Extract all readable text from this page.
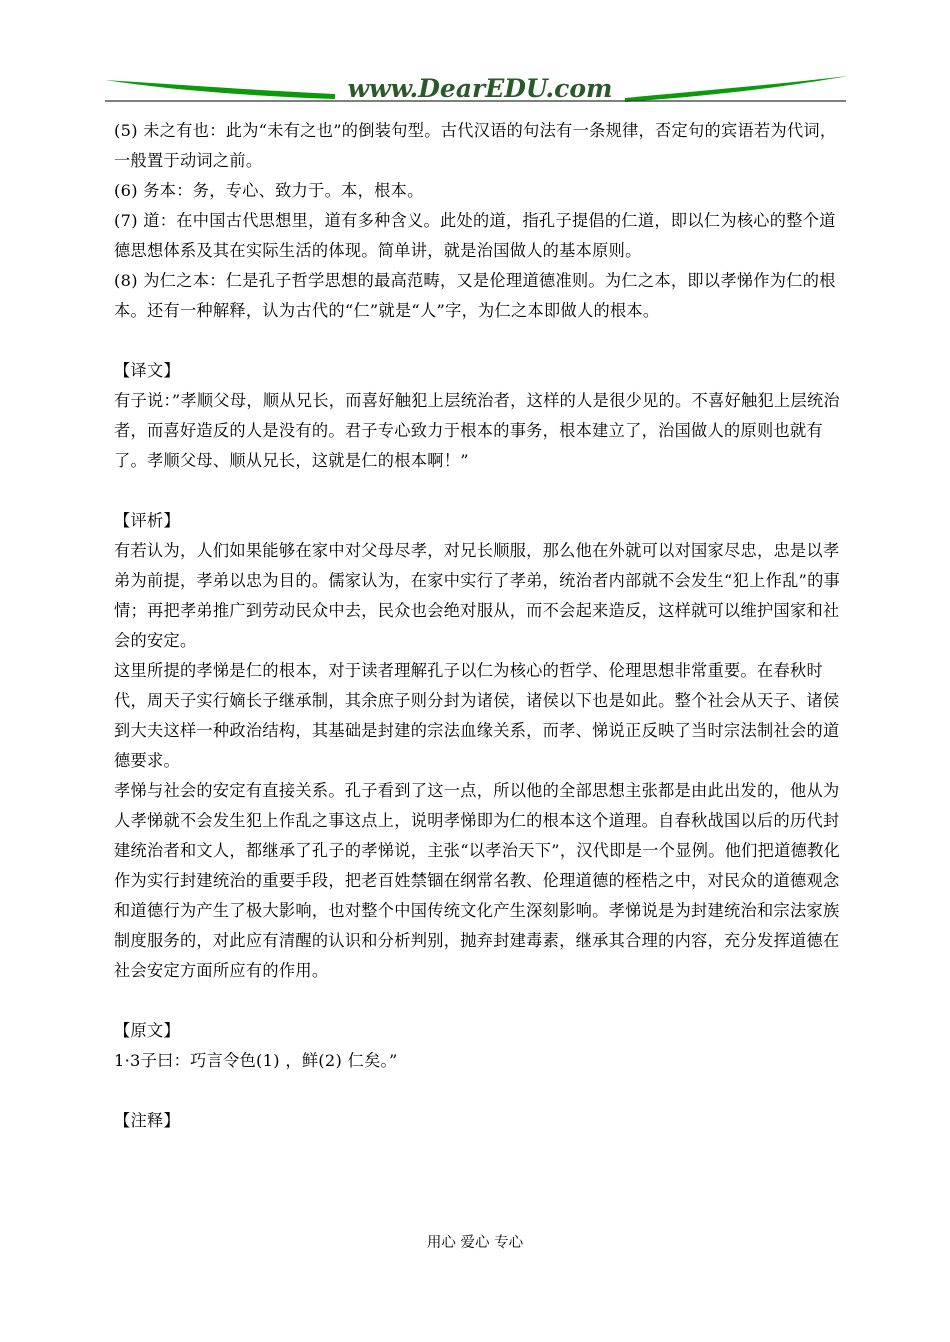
www.DearEDU.com

(5) 未之有也：此为“未有之也”的倒装句型。古代汉语的句法有一条规律，否定句的宾语若为代词，一般置于动词之前。

(6) 务本：务，专心、致力于。本，根本。

(7) 道：在中国古代思想里，道有多种含义。此处的道，指孔子提倡的仁道，即以仁为核心的整个道德思想体系及其在实际生活的体现。简单讲，就是治国做人的基本原则。

(8) 为仁之本：仁是孔子哲学思想的最高范畴，又是伦理道德准则。为仁之本，即以孝悌作为仁的根本。还有一种解释，认为古代的“仁”就是“人”字，为仁之本即做人的根本。

【译文】

有子说：”孝顺父母，顺从兄长，而喜好触犯上层统治者，这样的人是很少见的。不喜好触犯上层统治者，而喜好造反的人是没有的。君子专心致力于根本的事务，根本建立了，治国做人的原则也就有了。孝顺父母、顺从兄长，这就是仁的根本啊！”

【评析】

有若认为，人们如果能够在家中对父母尽孝，对兄长顺服，那么他在外就可以对国家尽忠，忠是以孝弟为前提，孝弟以忠为目的。儒家认为，在家中实行了孝弟，统治者内部就不会发生“犯上作乱”的事情；再把孝弟推广到劳动民众中去，民众也会绝对服从，而不会起来造反，这样就可以维护国家和社会的安定。

这里所提的孝悌是仁的根本，对于读者理解孔子以仁为核心的哲学、伦理思想非常重要。在春秋时代，周天子实行嫡长子继承制，其余庶子则分封为诸侯，诸侯以下也是如此。整个社会从天子、诸侯到大夫这样一种政治结构，其基础是封建的宗法血缘关系，而孝、悌说正反映了当时宗法制社会的道德要求。

孝悌与社会的安定有直接关系。孔子看到了这一点，所以他的全部思想主张都是由此出发的，他从为人孝悌就不会发生犯上作乱之事这点上，说明孝悌即为仁的根本这个道理。自春秋战国以后的历代封建统治者和文人，都继承了孔子的孝悌说，主张“以孝治天下”，汉代即是一个显例。他们把道德教化作为实行封建统治的重要手段，把老百姓禁锢在纲常名教、伦理道德的桎梏之中，对民众的道德观念和道德行为产生了极大影响，也对整个中国传统文化产生深刻影响。孝悌说是为封建统治和宗法家族制度服务的，对此应有清醒的认识和分析判别，抛弃封建毒素，继承其合理的内容，充分发挥道德在社会安定方面所应有的作用。

【原文】

1·3子曰：巧言令色(1) ，鲜(2) 仁矣。”

【注释】

用心 爱心 专心
